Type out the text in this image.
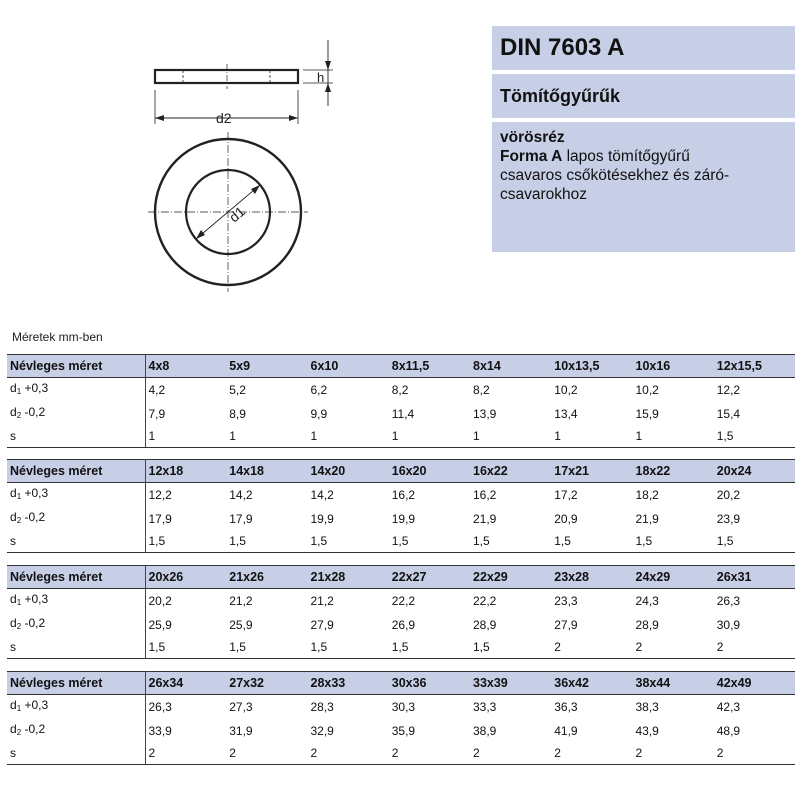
h
d2
d1
DIN 7603 A
Tömítőgyűrűk
vörösréz
Forma A lapos tömítőgyűrű
csavaros csőkötésekhez és záró-
csavarokhoz
Méretek mm-ben
Névleges méret	4x8	5x9	6x10	8x11,5	8x14	10x13,5	10x16	12x15,5
$d_1 +0,3$	4,2	5,2	6,2	8,2	8,2	10,2	10,2	12,2
$d_2$ -0,2	7,9	8,9	9,9	11,4	13,9	13,4	15,9	15,4
s	1	1	1	1	1	1	1	1,5
Névleges méret	12x18	14x18	14x20	16x20	16x22	17x21	18x22	20x24
$d_1 +0,3$	12,2	14,2	14,2	16,2	16,2	17,2	18,2	20,2
$d_2$ -0,2	17,9	17,9	19,9	19,9	21,9	20,9	21,9	23,9
s	1,5	1,5	1,5	1,5	1,5	1,5	1,5	1,5
Névleges méret	20x26	21x26	21x28	22x27	22x29	23x28	24x29	26x31
$d_1 +0,3$	20,2	21,2	21,2	22,2	22,2	23,3	24,3	26,3
$d_2$ -0,2	25,9	25,9	27,9	26,9	28,9	27,9	28,9	30,9
s	1,5	1,5	1,5	1,5	1,5	2	2	2
Névleges méret	26x34	27x32	28x33	30x36	33x39	36x42	38x44	42x49
$d_1 +0,3$	26,3	27,3	28,3	30,3	33,3	36,3	38,3	42,3
$d_2$ -0,2	33,9	31,9	32,9	35,9	38,9	41,9	43,9	48,9
s	2	2	2	2	2	2	2	2
